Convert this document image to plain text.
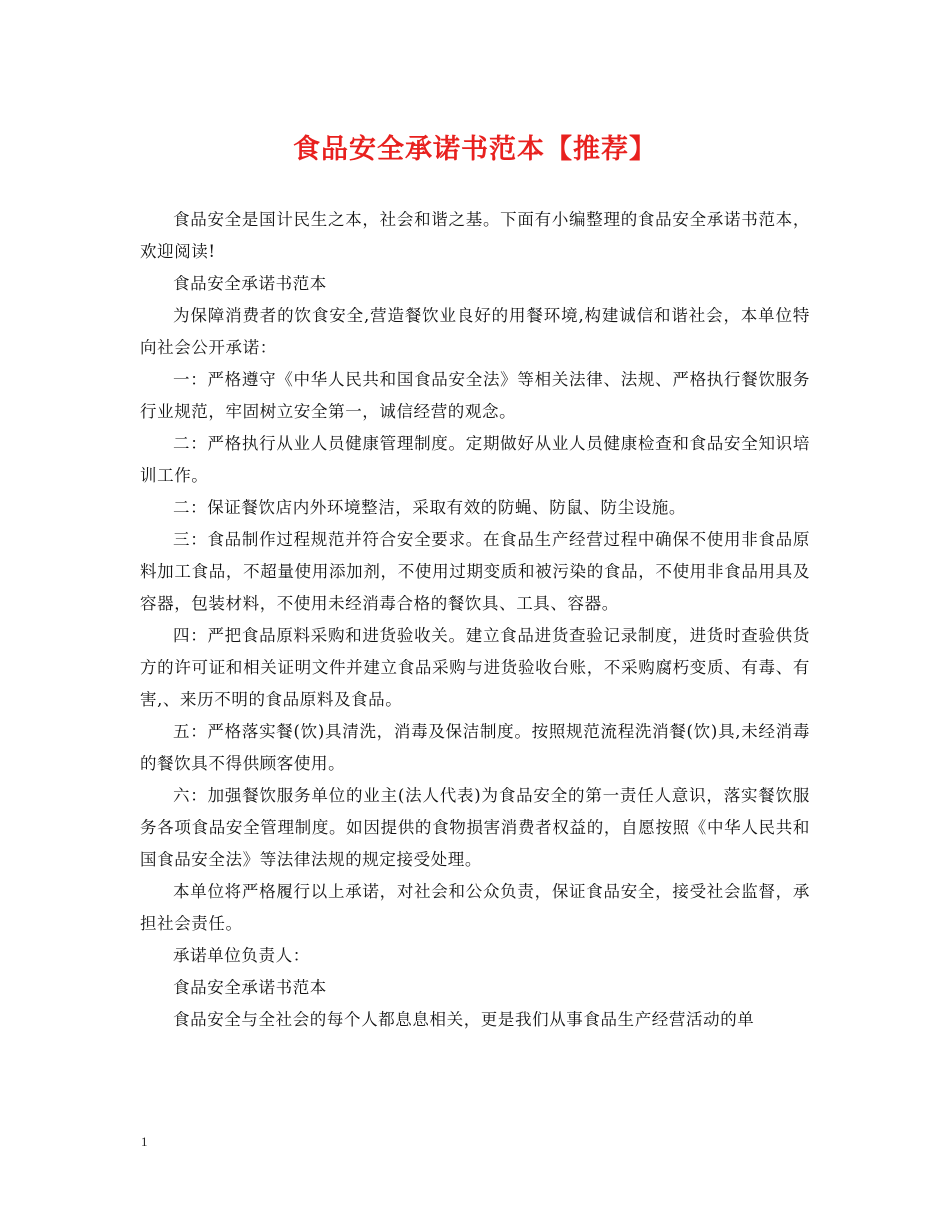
食品安全承诺书范本【推荐】

食品安全是国计民生之本，社会和谐之基。下面有小编整理的食品安全承诺书范本，欢迎阅读!

食品安全承诺书范本

为保障消费者的饮食安全,营造餐饮业良好的用餐环境,构建诚信和谐社会，本单位特向社会公开承诺：

一：严格遵守《中华人民共和国食品安全法》等相关法律、法规、严格执行餐饮服务行业规范，牢固树立安全第一，诚信经营的观念。

二：严格执行从业人员健康管理制度。定期做好从业人员健康检查和食品安全知识培训工作。

二：保证餐饮店内外环境整洁，采取有效的防蝇、防鼠、防尘设施。

三：食品制作过程规范并符合安全要求。在食品生产经营过程中确保不使用非食品原料加工食品，不超量使用添加剂，不使用过期变质和被污染的食品，不使用非食品用具及容器，包装材料，不使用未经消毒合格的餐饮具、工具、容器。

四：严把食品原料采购和进货验收关。建立食品进货查验记录制度，进货时查验供货方的许可证和相关证明文件并建立食品采购与进货验收台账，不采购腐朽变质、有毒、有害,、来历不明的食品原料及食品。

五：严格落实餐(饮)具清洗，消毒及保洁制度。按照规范流程洗消餐(饮)具,未经消毒的餐饮具不得供顾客使用。

六：加强餐饮服务单位的业主(法人代表)为食品安全的第一责任人意识，落实餐饮服务各项食品安全管理制度。如因提供的食物损害消费者权益的，自愿按照《中华人民共和国食品安全法》等法律法规的规定接受处理。

本单位将严格履行以上承诺，对社会和公众负责，保证食品安全，接受社会监督，承担社会责任。

承诺单位负责人：

食品安全承诺书范本

食品安全与全社会的每个人都息息相关，更是我们从事食品生产经营活动的单

1
